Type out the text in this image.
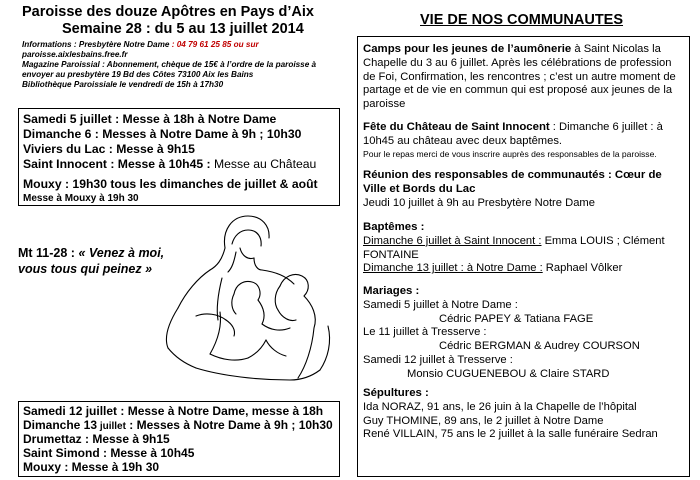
Paroisse des douze Apôtres en Pays d’Aix
Semaine 28 : du 5 au 13 juillet 2014

Informations : Presbytère Notre Dame : 04 79 61 25 85 ou sur

paroisse.aixlesbains.free.fr

Magazine Paroissial : Abonnement, chèque de 15€ à l’ordre de la paroisse à envoyer au presbytère 19 Bd des Côtes 73100 Aix les Bains

Bibliothèque Paroissiale le vendredi de 15h à 17h30

Samedi 5 juillet : Messe à 18h à Notre Dame
Dimanche 6 : Messes à Notre Dame à 9h ; 10h30
Viviers du Lac : Messe à 9h15
Saint Innocent : Messe à 10h45 : Messe au Château
Mouxy : 19h30 tous les dimanches de juillet & août
Messe à Mouxy à 19h 30

Mt 11-28 : « Venez à moi,

vous tous qui peinez »

Samedi 12 juillet : Messe à Notre Dame, messe à 18h
Dimanche 13 juillet : Messes à Notre Dame à 9h ; 10h30
Drumettaz : Messe à 9h15
Saint Simond : Messe à 10h45
Mouxy : Messe à 19h 30
VIE DE NOS COMMUNAUTES
Camps pour les jeunes de l’aumônerie à Saint Nicolas la Chapelle du 3 au 6 juillet. Après les célébrations de profession de Foi, Confirmation, les rencontres ; c’est un autre moment de partage et de vie en commun qui est proposé aux jeunes de la paroisse
Fête du Château de Saint Innocent : Dimanche 6 juillet : à 10h45 au château avec deux baptêmes.

Pour le repas merci de vous inscrire auprès des responsables de la paroisse.

Réunion des responsables de communautés : Cœur de Ville et Bords du Lac

Jeudi 10 juillet à 9h au Presbytère Notre Dame

Baptêmes :

Dimanche 6 juillet à Saint Innocent : Emma LOUIS ; Clément FONTAINE

Dimanche 13 juillet : à Notre Dame : Raphael Vôlker

Mariages :

Samedi 5 juillet à Notre Dame :

Cédric PAPEY & Tatiana FAGE

Le 11 juillet à Tresserve :

Cédric BERGMAN & Audrey COURSON

Samedi 12 juillet à Tresserve :

Monsio CUGUENEBOU & Claire STARD

Sépultures :

Ida NORAZ, 91 ans, le 26 juin à la Chapelle de l’hôpital

Guy THOMINE, 89 ans, le 2 juillet à Notre Dame

René VILLAIN, 75 ans le 2 juillet à la salle funéraire Sedran
